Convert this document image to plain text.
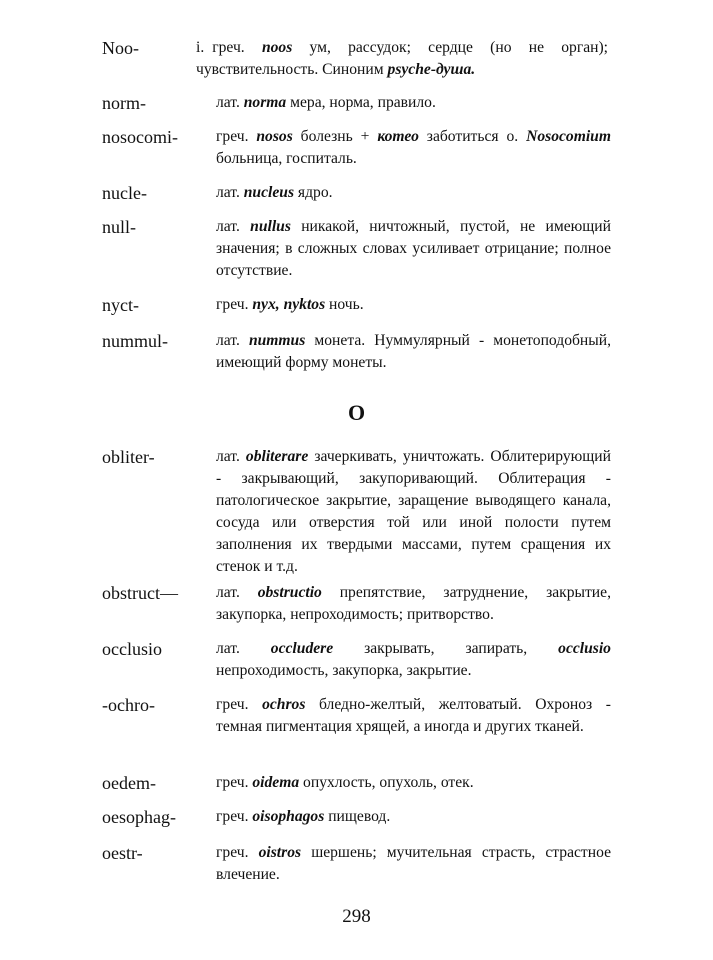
Noo-	i. греч. noos ум, рассудок; сердце (но не орган); чувствительность. Синоним psyche-душа.
norm-	лат. norma мера, норма, правило.
nosocomi- греч. nosos болезнь + котео заботиться о. Nosocomium больница, госпиталь.
nucle-	лат. nucleus ядро.
null-	лат. nullus никакой, ничтожный, пустой, не имеющий значения; в сложных словах усиливает отрицание; полное отсутствие.
nyct-	греч. nyx, nyktos ночь.
nummul-	лат. nummus монета. Нуммулярный - монетоподобный, имеющий форму монеты.
О
obliter-	лат. obliterare зачеркивать, уничтожать. Облитерирующий - закрывающий, закупоривающий. Облитерация - патологическое закрытие, заращение выводящего канала, сосуда или отверстия той или иной полости путем заполнения их твердыми массами, путем сращения их стенок и т.д.
obstruct— лат. obstructio препятствие, затруднение, закрытие, закупорка, непроходимость; притворство.
occlusio	лат. occludere закрывать, запирать, occlusio непроходимость, закупорка, закрытие.
-ochro-	греч. ochros бледно-желтый, желтоватый. Охроноз - темная пигментация хрящей, а иногда и других тканей.
oedem-	греч. oidema опухлость, опухоль, отек.
oesophag-	греч. oisophagos пищевод.
oestr-	греч. oistros шершень; мучительная страсть, страстное влечение.
298
